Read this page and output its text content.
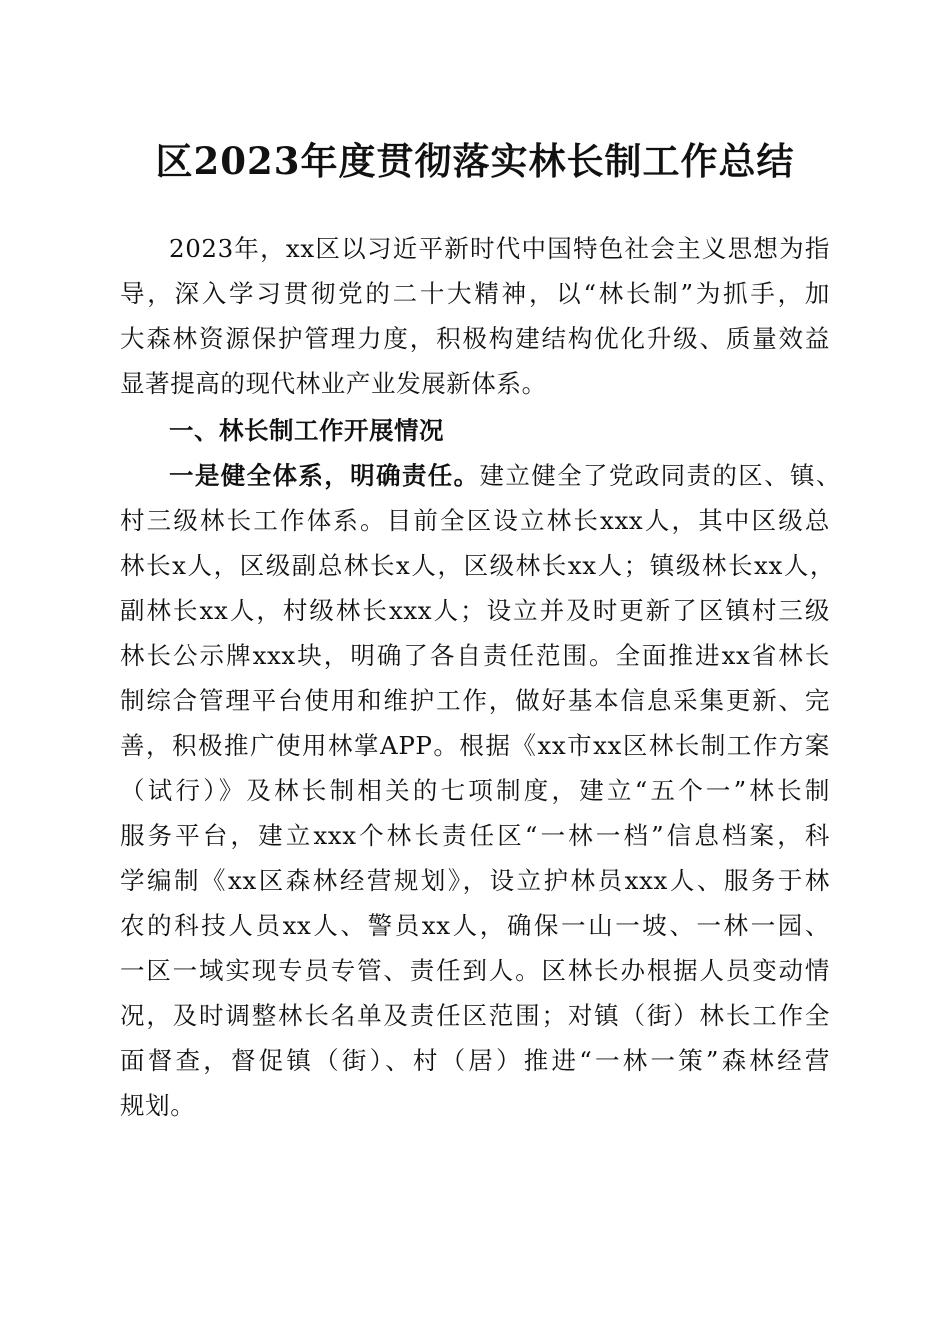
区2023年度贯彻落实林长制工作总结
2023年，xx区以习近平新时代中国特色社会主义思想为指
导，深入学习贯彻党的二十大精神，以“林长制”为抓手，加
大森林资源保护管理力度，积极构建结构优化升级、质量效益
显著提高的现代林业产业发展新体系。
一、林长制工作开展情况
一是健全体系，明确责任。建立健全了党政同责的区、镇、
村三级林长工作体系。目前全区设立林长xxx人，其中区级总
林长x人，区级副总林长x人，区级林长xx人；镇级林长xx人，
副林长xx人，村级林长xxx人；设立并及时更新了区镇村三级
林长公示牌xxx块，明确了各自责任范围。全面推进xx省林长
制综合管理平台使用和维护工作，做好基本信息采集更新、完
善，积极推广使用林掌APP。根据《xx市xx区林长制工作方案
（试行）》及林长制相关的七项制度，建立“五个一”林长制
服务平台，建立xxx个林长责任区“一林一档”信息档案，科
学编制《xx区森林经营规划》，设立护林员xxx人、服务于林
农的科技人员xx人、警员xx人，确保一山一坡、一林一园、
一区一域实现专员专管、责任到人。区林长办根据人员变动情
况，及时调整林长名单及责任区范围；对镇（街）林长工作全
面督查，督促镇（街）、村（居）推进“一林一策”森林经营
规划。
